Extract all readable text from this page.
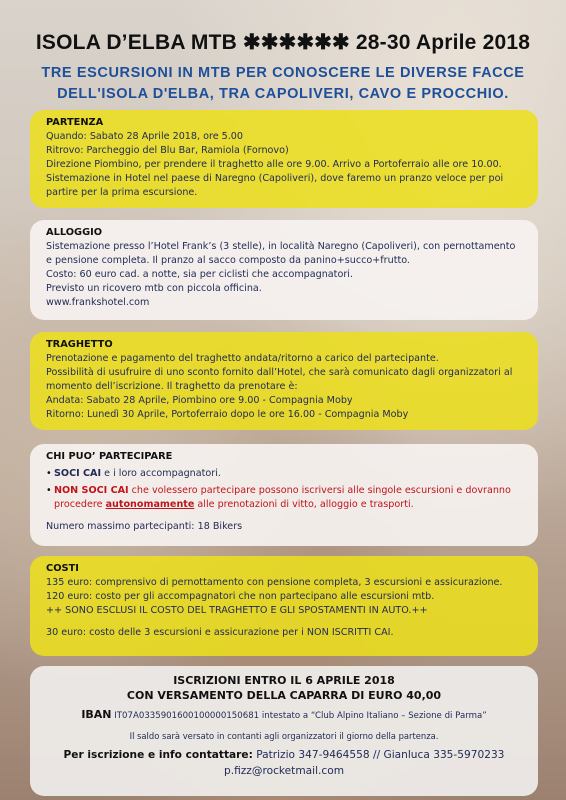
ISOLA D’ELBA MTB ✱✱✱✱✱✱ 28-30 Aprile 2018
TRE ESCURSIONI IN MTB PER CONOSCERE LE DIVERSE FACCE DELL'ISOLA D'ELBA, TRA CAPOLIVERI, CAVO E PROCCHIO.

PARTENZA

Quando: Sabato 28 Aprile 2018, ore 5.00

Ritrovo: Parcheggio del Blu Bar, Ramiola (Fornovo)

Direzione Piombino, per prendere il traghetto alle ore 9.00. Arrivo a Portoferraio alle ore 10.00.

Sistemazione in Hotel nel paese di Naregno (Capoliveri), dove faremo un pranzo veloce per poi partire per la prima escursione.

ALLOGGIO

Sistemazione presso l’Hotel Frank’s (3 stelle), in località Naregno (Capoliveri), con pernottamento e pensione completa. Il pranzo al sacco composto da panino+succo+frutto.

Costo: 60 euro cad. a notte, sia per ciclisti che accompagnatori.

Previsto un ricovero mtb con piccola officina.

www.frankshotel.com

TRAGHETTO

Prenotazione e pagamento del traghetto andata/ritorno a carico del partecipante.

Possibilità di usufruire di uno sconto fornito dall’Hotel, che sarà comunicato dagli organizzatori al momento dell’iscrizione. Il traghetto da prenotare è:

Andata: Sabato 28 Aprile, Piombino ore 9.00 - Compagnia Moby

Ritorno: Lunedì 30 Aprile, Portoferraio dopo le ore 16.00 - Compagnia Moby

CHI PUO’ PARTECIPARE

• SOCI CAI e i loro accompagnatori.
• NON SOCI CAI che volessero partecipare possono iscriversi alle singole escursioni e dovranno procedere autonomamente alle prenotazioni di vitto, alloggio e trasporti.

Numero massimo partecipanti: 18 Bikers

COSTI

135 euro: comprensivo di pernottamento con pensione completa, 3 escursioni e assicurazione.

120 euro: costo per gli accompagnatori che non partecipano alle escursioni mtb.

++ SONO ESCLUSI IL COSTO DEL TRAGHETTO E GLI SPOSTAMENTI IN AUTO.++

30 euro: costo delle 3 escursioni e assicurazione per i NON ISCRITTI CAI.

ISCRIZIONI ENTRO IL 6 APRILE 2018
CON VERSAMENTO DELLA CAPARRA DI EURO 40,00
IBAN IT07A0335901600100000150681 intestato a “Club Alpino Italiano – Sezione di Parma”
Il saldo sarà versato in contanti agli organizzatori il giorno della partenza.
Per iscrizione e info contattare: Patrizio 347-9464558 // Gianluca 335-5970233
p.fizz@rocketmail.com
